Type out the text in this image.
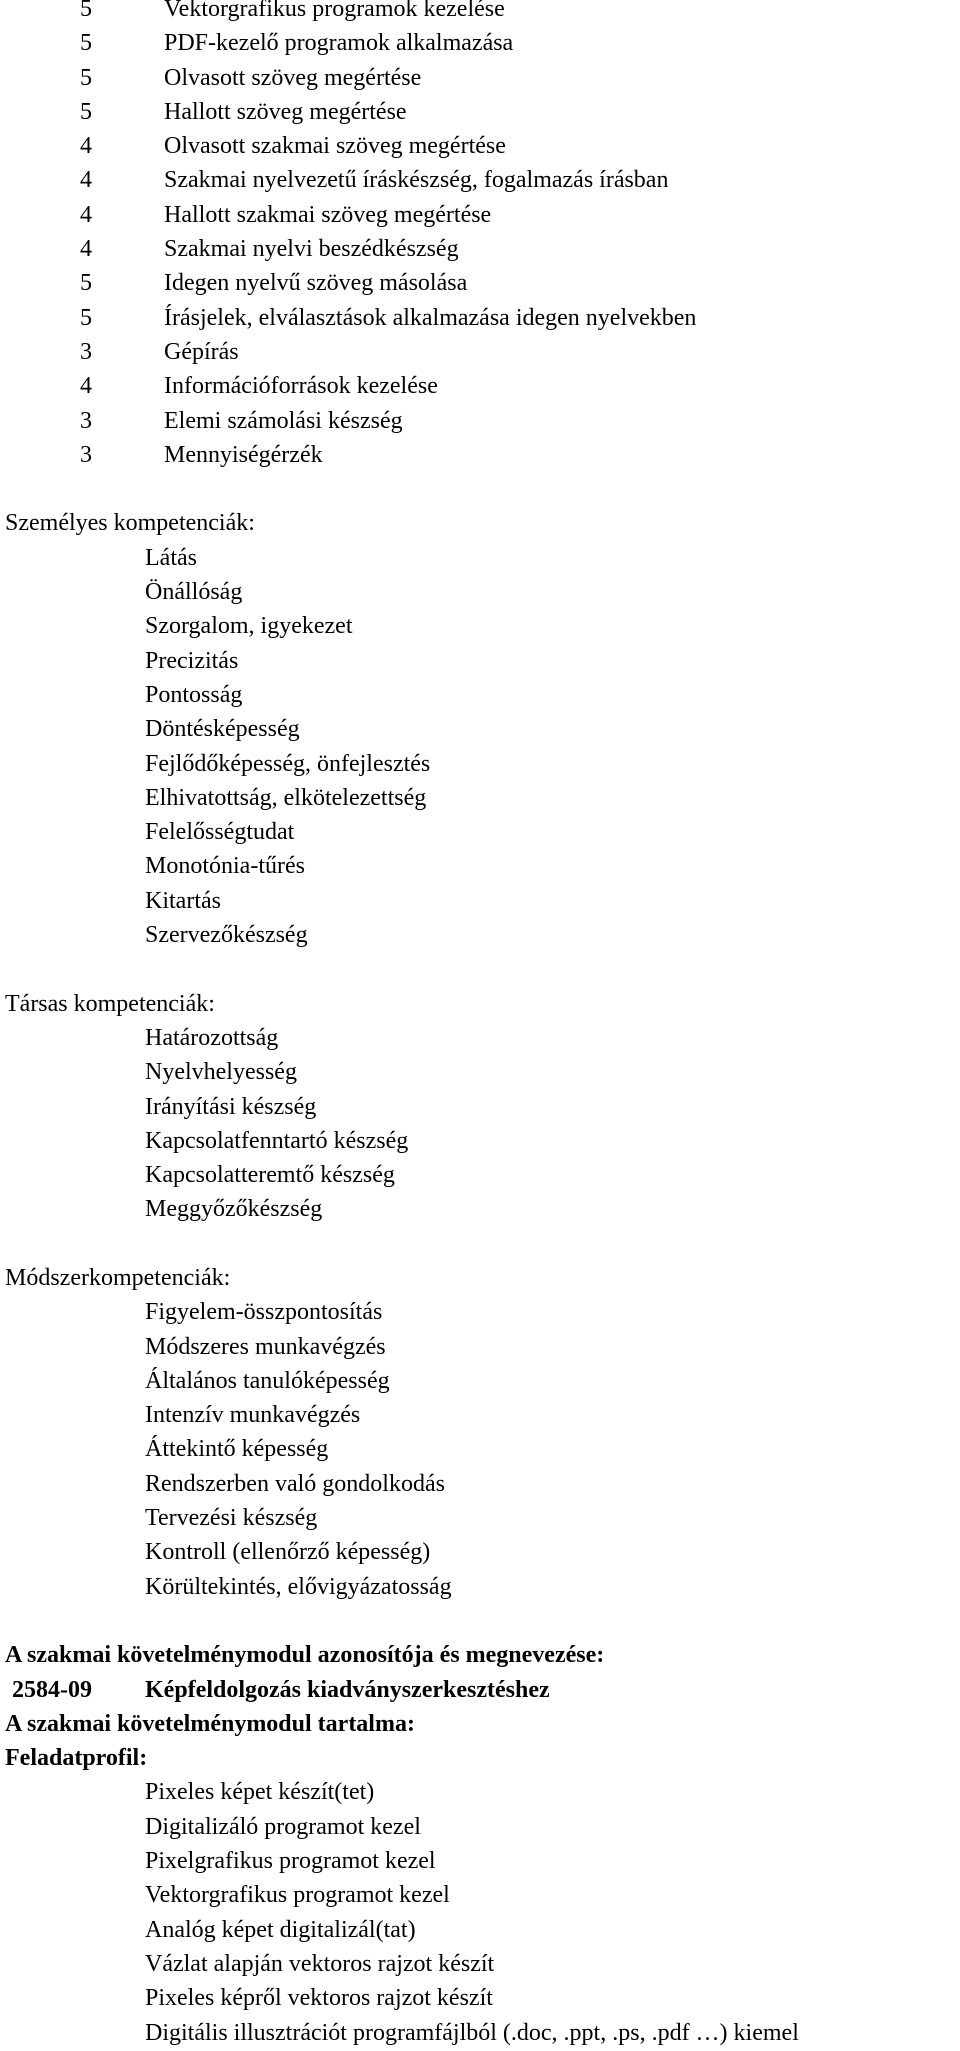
5	Vektorgrafikus programok kezelése
5	PDF-kezelő programok alkalmazása
5	Olvasott szöveg megértése
5	Hallott szöveg megértése
4	Olvasott szakmai szöveg megértése
4	Szakmai nyelvezetű íráskészség, fogalmazás írásban
4	Hallott szakmai szöveg megértése
4	Szakmai nyelvi beszédkészség
5	Idegen nyelvű szöveg másolása
5	Írásjelek, elválasztások alkalmazása idegen nyelvekben
3	Gépírás
4	Információforrások kezelése
3	Elemi számolási készség
3	Mennyiségérzék
Személyes kompetenciák:
Látás
Önállóság
Szorgalom, igyekezet
Precizitás
Pontosság
Döntésképesség
Fejlődőképesség, önfejlesztés
Elhivatottság, elkötelezettség
Felelősségtudat
Monotónia-tűrés
Kitartás
Szervezőkészség
Társas kompetenciák:
Határozottság
Nyelvhelyesség
Irányítási készség
Kapcsolatfenntartó készség
Kapcsolatteremtő készség
Meggyőzőkészség
Módszerkompetenciák:
Figyelem-összpontosítás
Módszeres munkavégzés
Általános tanulóképesség
Intenzív munkavégzés
Áttekintő képesség
Rendszerben való gondolkodás
Tervezési készség
Kontroll (ellenőrző képesség)
Körültekintés, elővigyázatosság
A szakmai követelménymodul azonosítója és megnevezése:
2584-09 Képfeldolgozás kiadványszerkesztéshez
A szakmai követelménymodul tartalma:
Feladatprofil:
Pixeles képet készít(tet)
Digitalizáló programot kezel
Pixelgrafikus programot kezel
Vektorgrafikus programot kezel
Analóg képet digitalizál(tat)
Vázlat alapján vektoros rajzot készít
Pixeles képről vektoros rajzot készít
Digitális illusztrációt programfájlból (.doc, .ppt, .ps, .pdf …) kiemel
